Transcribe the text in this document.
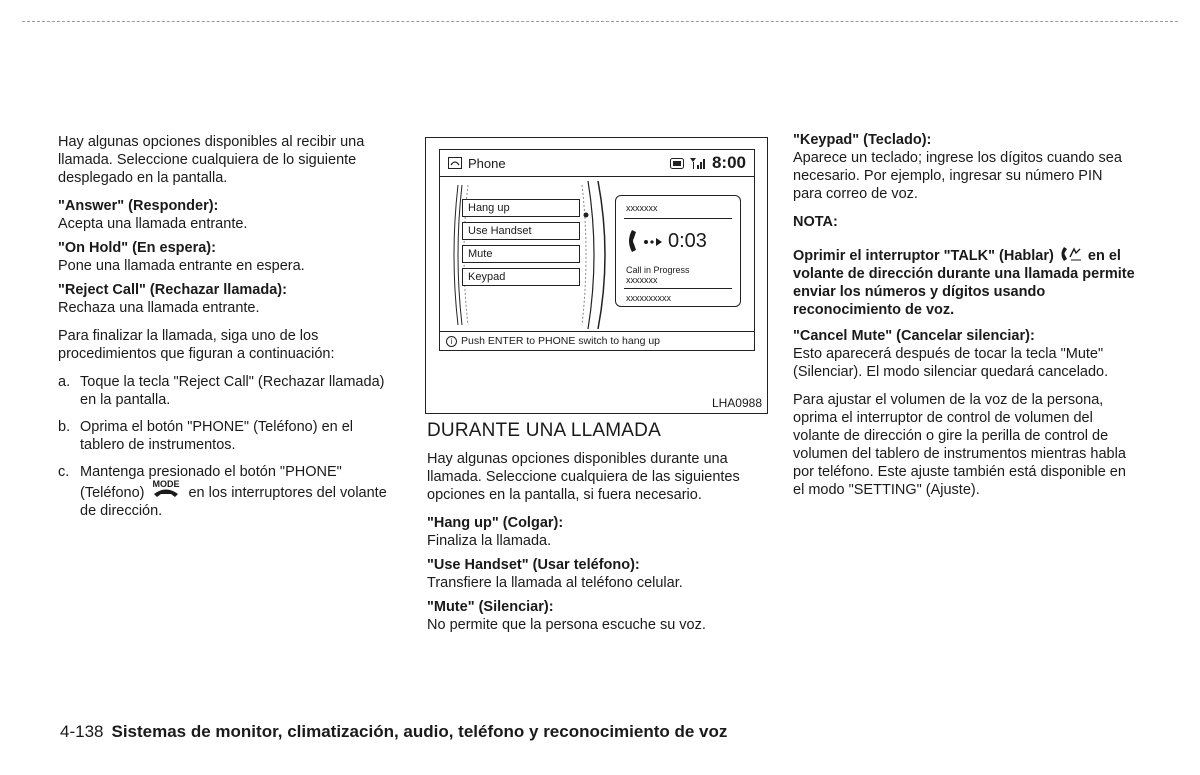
Hay algunas opciones disponibles al recibir una llamada. Seleccione cualquiera de lo siguiente desplegado en la pantalla.

"Answer" (Responder):
Acepta una llamada entrante.
"On Hold" (En espera):
Pone una llamada entrante en espera.
"Reject Call" (Rechazar llamada):
Rechaza una llamada entrante.

Para finalizar la llamada, siga uno de los procedimientos que figuran a continuación:

a. Toque la tecla "Reject Call" (Rechazar llamada) en la pantalla.
b. Oprima el botón "PHONE" (Teléfono) en el tablero de instrumentos.
c. Mantenga presionado el botón "PHONE" (Teléfono)
MODE
en los interruptores del volante de dirección.
Phone	8:00
Hang up
Use Handset
Mute
Keypad
xxxxxxx
0:03
Call in Progress
xxxxxxx
xxxxxxxxxx
i Push ENTER to PHONE switch to hang up
LHA0988
DURANTE UNA LLAMADA

Hay algunas opciones disponibles durante una llamada. Seleccione cualquiera de las siguientes opciones en la pantalla, si fuera necesario.

"Hang up" (Colgar):
Finaliza la llamada.
"Use Handset" (Usar teléfono):
Transfiere la llamada al teléfono celular.
"Mute" (Silenciar):
No permite que la persona escuche su voz.
"Keypad" (Teclado):

Aparece un teclado; ingrese los dígitos cuando sea necesario. Por ejemplo, ingresar su número PIN para correo de voz.

NOTA:

Oprimir el interruptor "TALK" (Hablar) en el volante de dirección durante una llamada permite enviar los números y dígitos usando reconocimiento de voz.

"Cancel Mute" (Cancelar silenciar):

Esto aparecerá después de tocar la tecla "Mute" (Silenciar). El modo silenciar quedará cancelado.

Para ajustar el volumen de la voz de la persona, oprima el interruptor de control de volumen del volante de dirección o gire la perilla de control de volumen del tablero de instrumentos mientras habla por teléfono. Este ajuste también está disponible en el modo "SETTING" (Ajuste).

4-138 Sistemas de monitor, climatización, audio, teléfono y reconocimiento de voz
